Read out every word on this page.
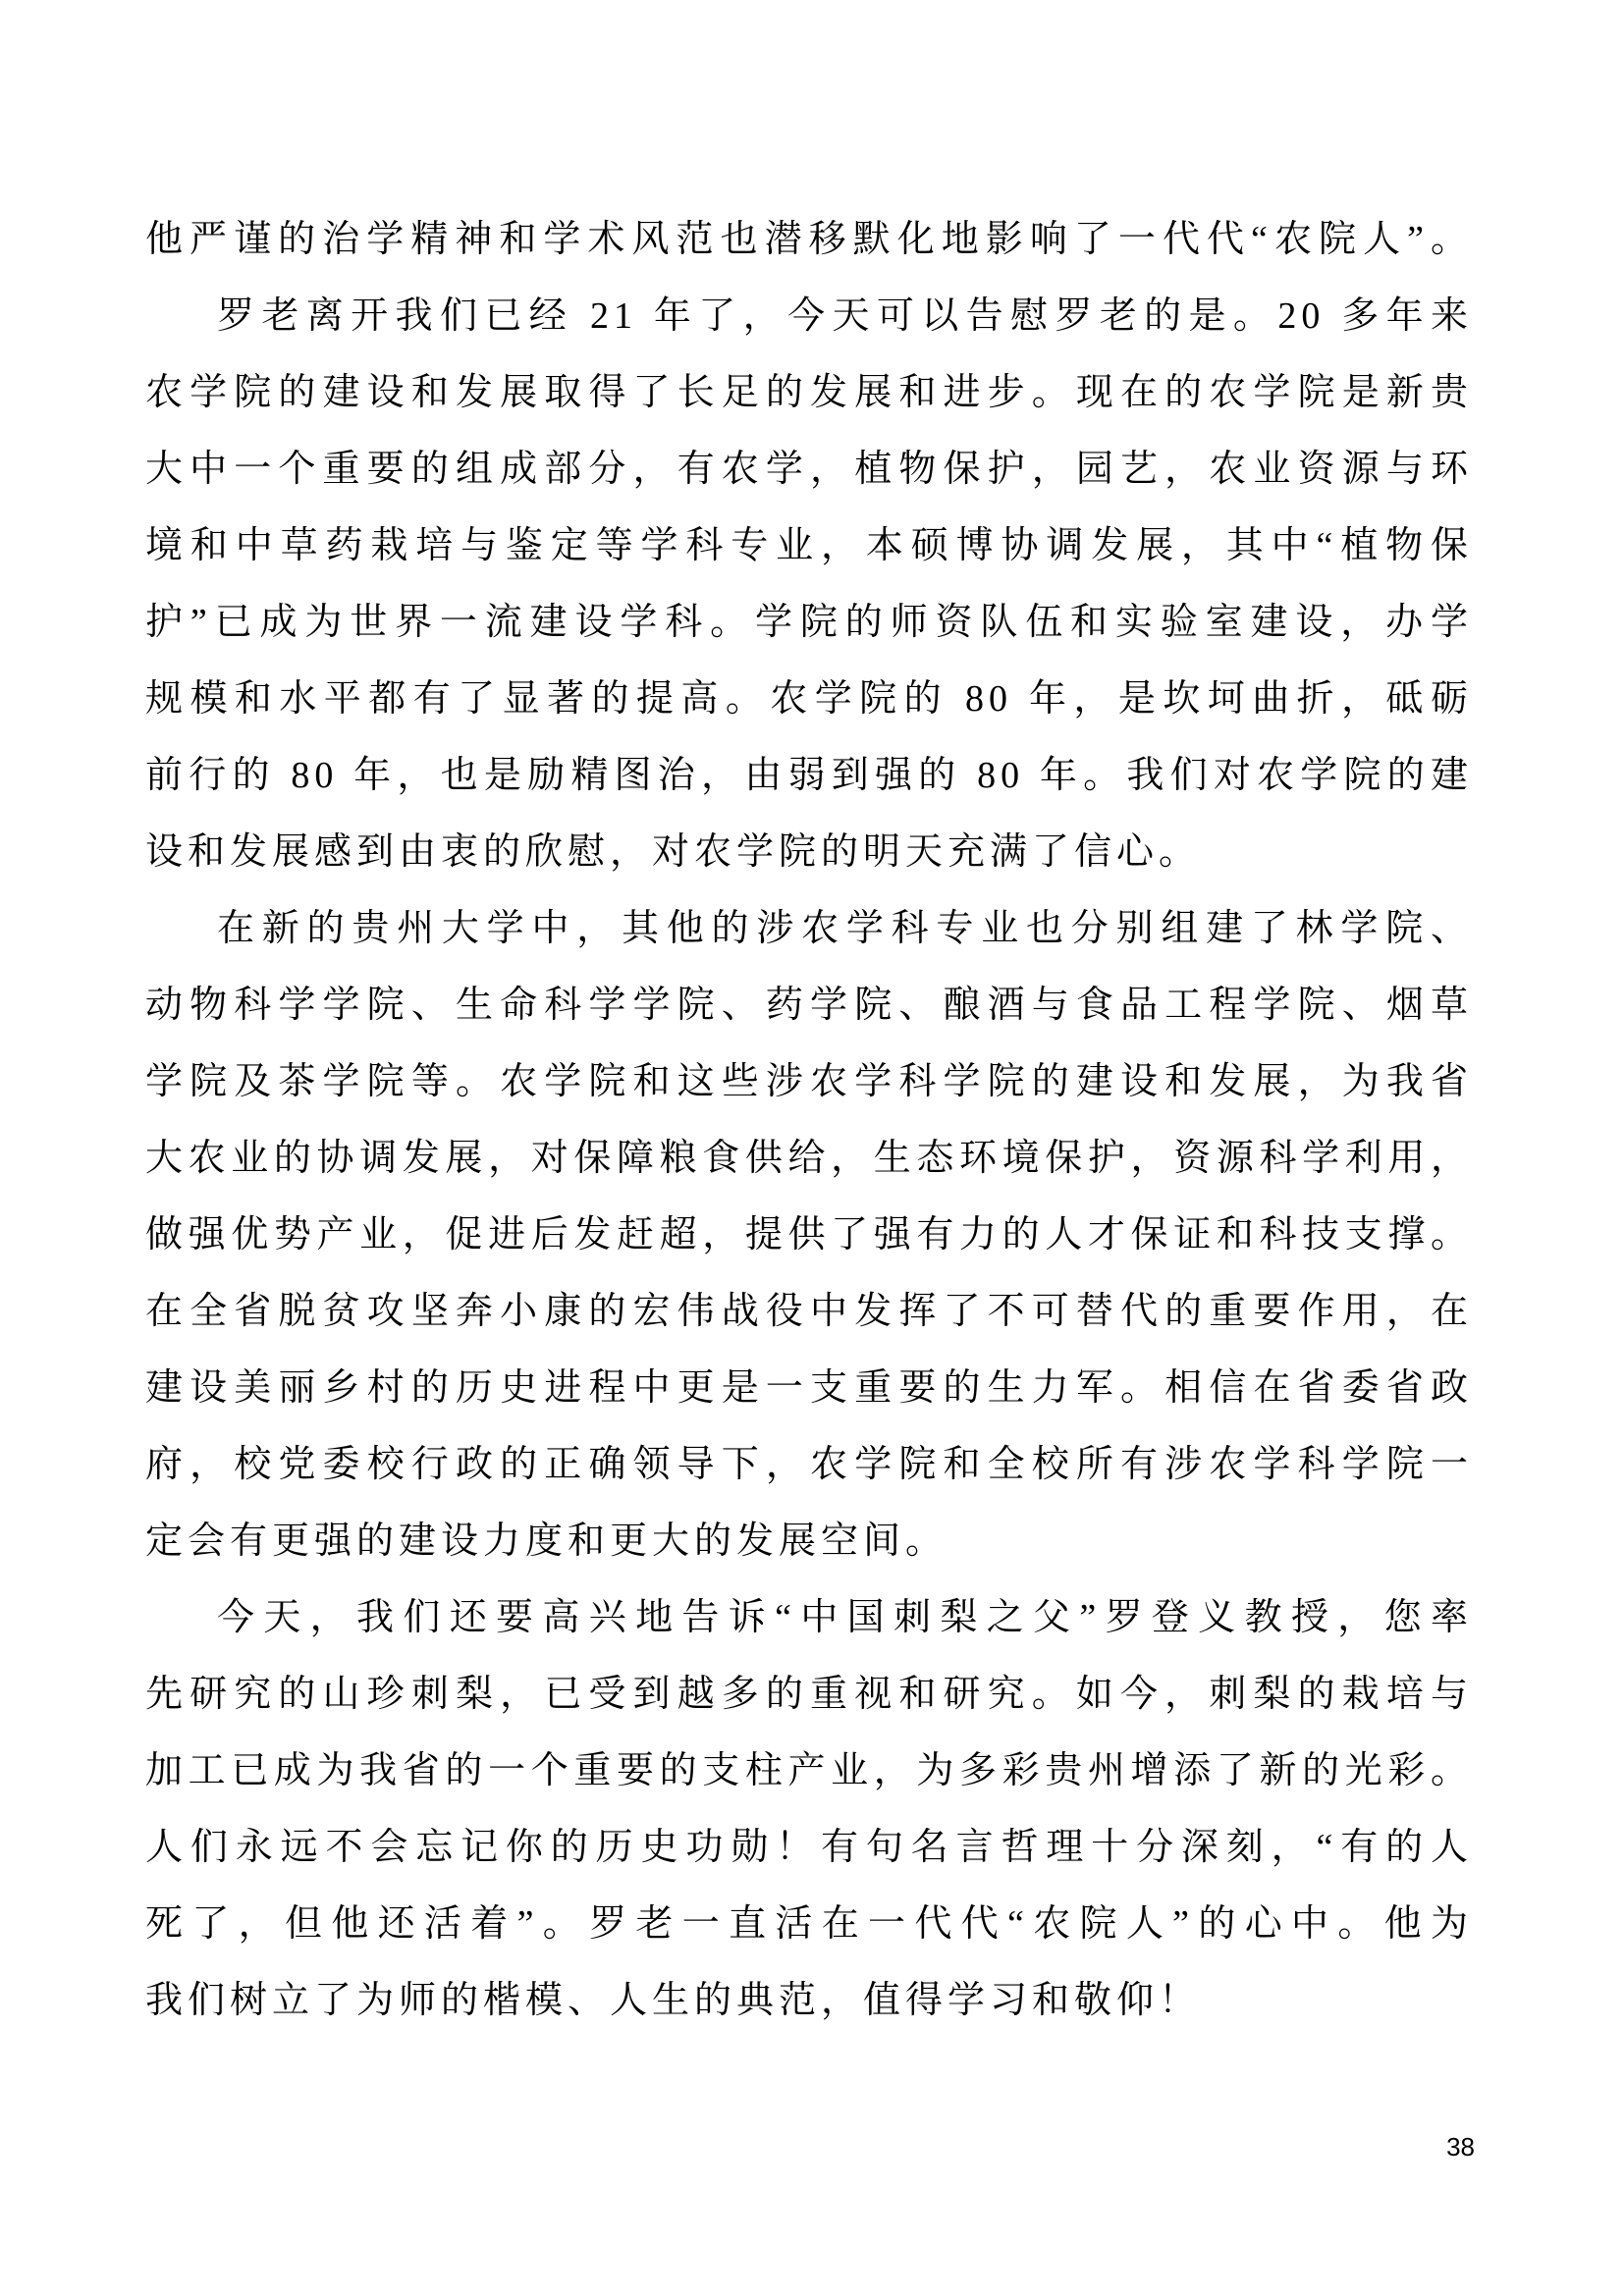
他严谨的治学精神和学术风范也潜移默化地影响了一代代“农院人”。
罗老离开我们已经 21 年了，今天可以告慰罗老的是。20 多年来
农学院的建设和发展取得了长足的发展和进步。现在的农学院是新贵
大中一个重要的组成部分，有农学，植物保护，园艺，农业资源与环
境和中草药栽培与鉴定等学科专业，本硕博协调发展，其中“植物保
护”已成为世界一流建设学科。学院的师资队伍和实验室建设，办学
规模和水平都有了显著的提高。农学院的 80 年，是坎坷曲折，砥砺
前行的 80 年，也是励精图治，由弱到强的 80 年。我们对农学院的建
设和发展感到由衷的欣慰，对农学院的明天充满了信心。
在新的贵州大学中，其他的涉农学科专业也分别组建了林学院、
动物科学学院、生命科学学院、药学院、酿酒与食品工程学院、烟草
学院及茶学院等。农学院和这些涉农学科学院的建设和发展，为我省
大农业的协调发展，对保障粮食供给，生态环境保护，资源科学利用，
做强优势产业，促进后发赶超，提供了强有力的人才保证和科技支撑。
在全省脱贫攻坚奔小康的宏伟战役中发挥了不可替代的重要作用，在
建设美丽乡村的历史进程中更是一支重要的生力军。相信在省委省政
府，校党委校行政的正确领导下，农学院和全校所有涉农学科学院一
定会有更强的建设力度和更大的发展空间。
今天，我们还要高兴地告诉“中国刺梨之父”罗登义教授，您率
先研究的山珍刺梨，已受到越多的重视和研究。如今，刺梨的栽培与
加工已成为我省的一个重要的支柱产业，为多彩贵州增添了新的光彩。
人们永远不会忘记你的历史功勋！有句名言哲理十分深刻，“有的人
死了，但他还活着”。罗老一直活在一代代“农院人”的心中。他为
我们树立了为师的楷模、人生的典范，值得学习和敬仰！
38
